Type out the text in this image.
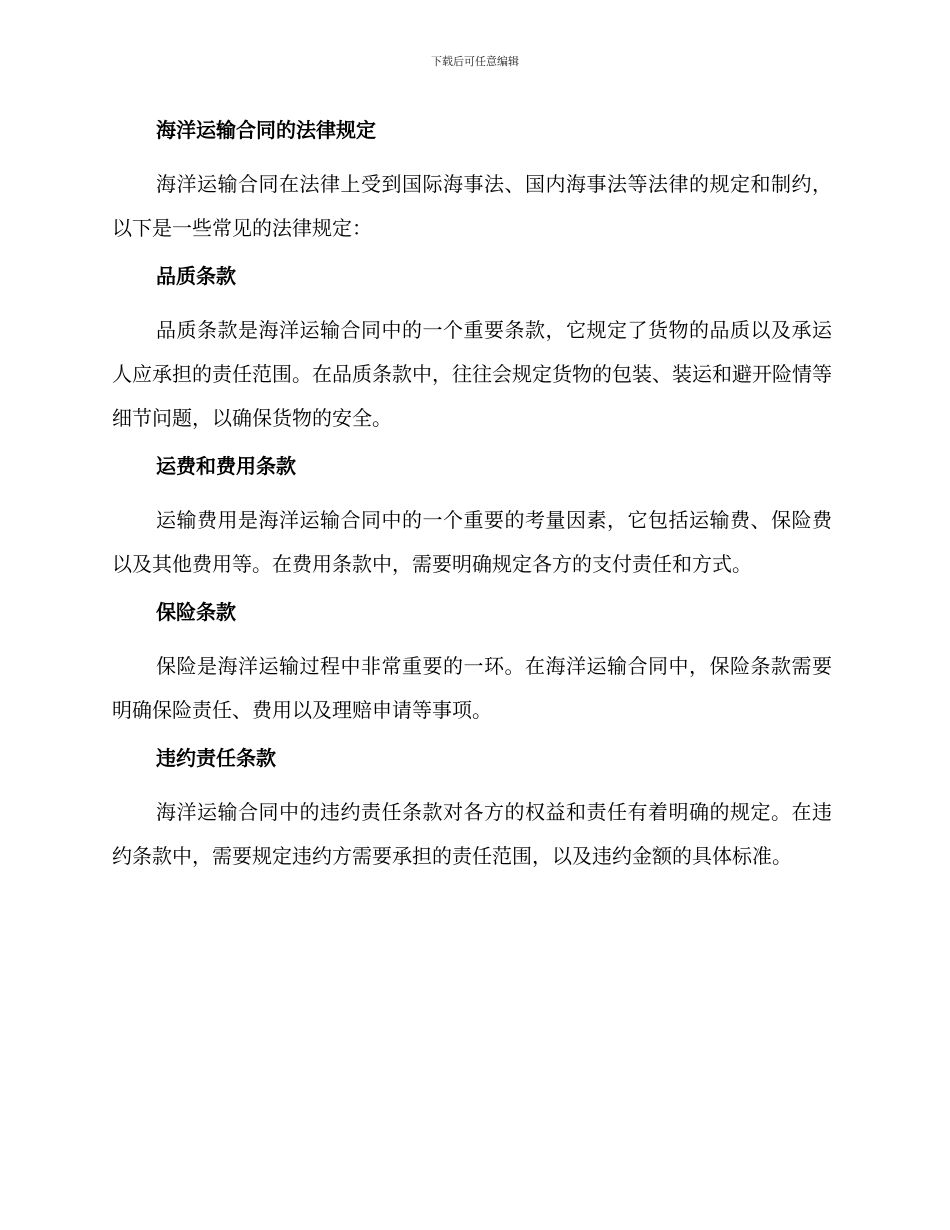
下载后可任意编辑
海洋运输合同的法律规定

海洋运输合同在法律上受到国际海事法、国内海事法等法律的规定和制约，以下是一些常见的法律规定：

品质条款

品质条款是海洋运输合同中的一个重要条款，它规定了货物的品质以及承运人应承担的责任范围。在品质条款中，往往会规定货物的包装、装运和避开险情等细节问题，以确保货物的安全。

运费和费用条款

运输费用是海洋运输合同中的一个重要的考量因素，它包括运输费、保险费以及其他费用等。在费用条款中，需要明确规定各方的支付责任和方式。

保险条款

保险是海洋运输过程中非常重要的一环。在海洋运输合同中，保险条款需要明确保险责任、费用以及理赔申请等事项。

违约责任条款

海洋运输合同中的违约责任条款对各方的权益和责任有着明确的规定。在违约条款中，需要规定违约方需要承担的责任范围，以及违约金额的具体标准。
